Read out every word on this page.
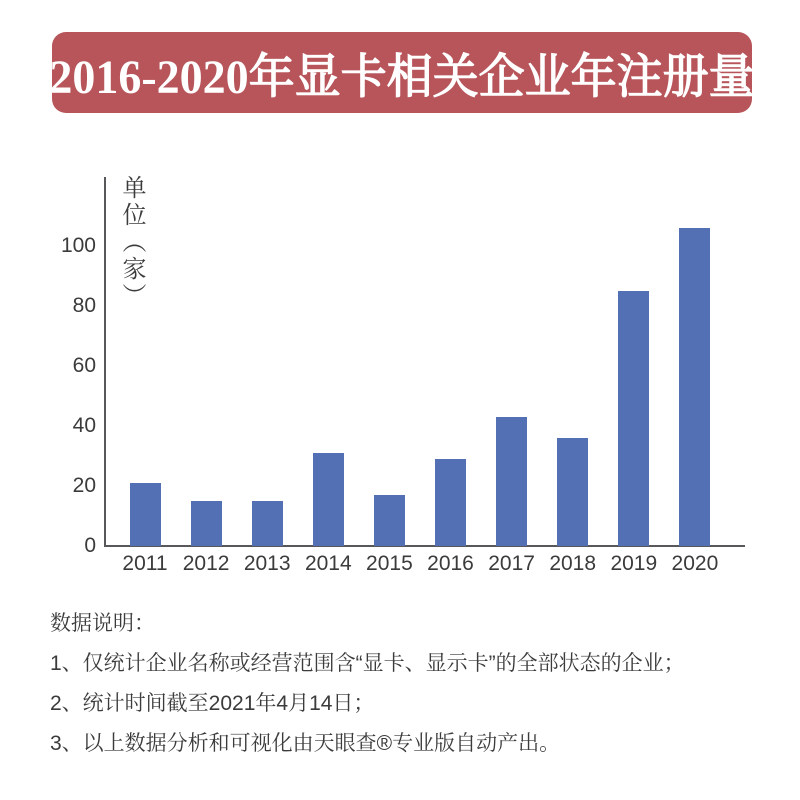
2016-2020年显卡相关企业年注册量
单位（家）
0
20
40
60
80
100
2011 2012 2013 2014 2015 2016 2017 2018 2019 2020
数据说明：
1、仅统计企业名称或经营范围含“显卡、显示卡”的全部状态的企业；
2、统计时间截至2021年4月14日；
3、以上数据分析和可视化由天眼查®专业版自动产出。
